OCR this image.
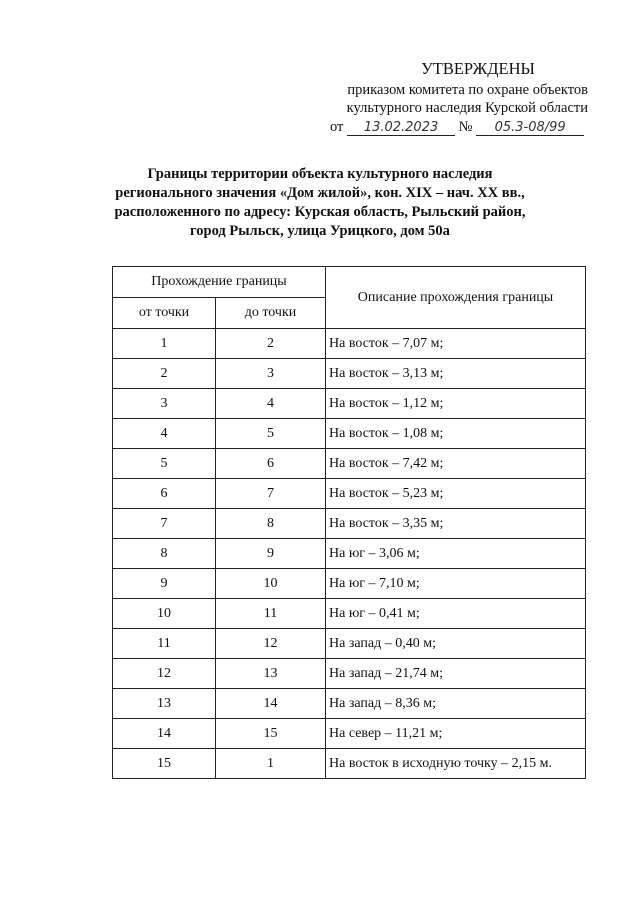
УТВЕРЖДЕНЫ
приказом комитета по охране объектов
культурного наследия Курской области
от 13.02.2023 № 05.3-08/99
Границы территории объекта культурного наследия
регионального значения «Дом жилой», кон. XIX – нач. XX вв.,
расположенного по адресу: Курская область, Рыльский район,
город Рыльск, улица Урицкого, дом 50а
Прохождение границы		Описание прохождения границы
от точки	до точки	
1	2	На восток – 7,07 м;
2	3	На восток – 3,13 м;
3	4	На восток – 1,12 м;
4	5	На восток – 1,08 м;
5	6	На восток – 7,42 м;
6	7	На восток – 5,23 м;
7	8	На восток – 3,35 м;
8	9	На юг – 3,06 м;
9	10	На юг – 7,10 м;
10	11	На юг – 0,41 м;
11	12	На запад – 0,40 м;
12	13	На запад – 21,74 м;
13	14	На запад – 8,36 м;
14	15	На север – 11,21 м;
15	1	На восток в исходную точку – 2,15 м.
